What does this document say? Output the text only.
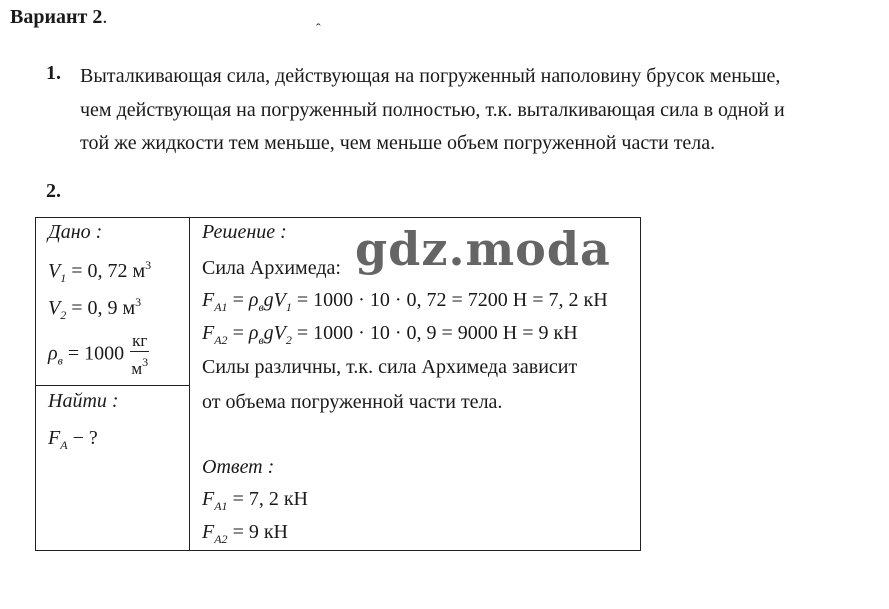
Вариант 2.
ˆ
1. Выталкивающая сила, действующая на погруженный наполовину брусок меньше,
чем действующая на погруженный полностью, т.к. выталкивающая сила в одной и
той же жидкости тем меньше, чем меньше объем погруженной части тела.
2.
Дано :
$V_1 = 0$, 72 $м^3$
$V_2 = 0$, 9 $м^3$
$\rho_в = 1000 \frac{кг}{м^3}$
Найти :
$F_А$ − ?
Решение :
Сила Архимеда:
$F_{А1} = \rho_вgV_1 = 1000 \cdot 10 \cdot 0$, 72 = 7200 Н = 7, 2 кН
$F_{А2} = \rho_вgV_2 = 1000 \cdot 10 \cdot 0$, 9 = 9000 Н = 9 кН
Силы различны, т.к. сила Архимеда зависит
от объема погруженной части тела.
Ответ :
$F_{А1} = 7$, 2 кН
$F_{А2} = 9$ кН
gdz.moda
